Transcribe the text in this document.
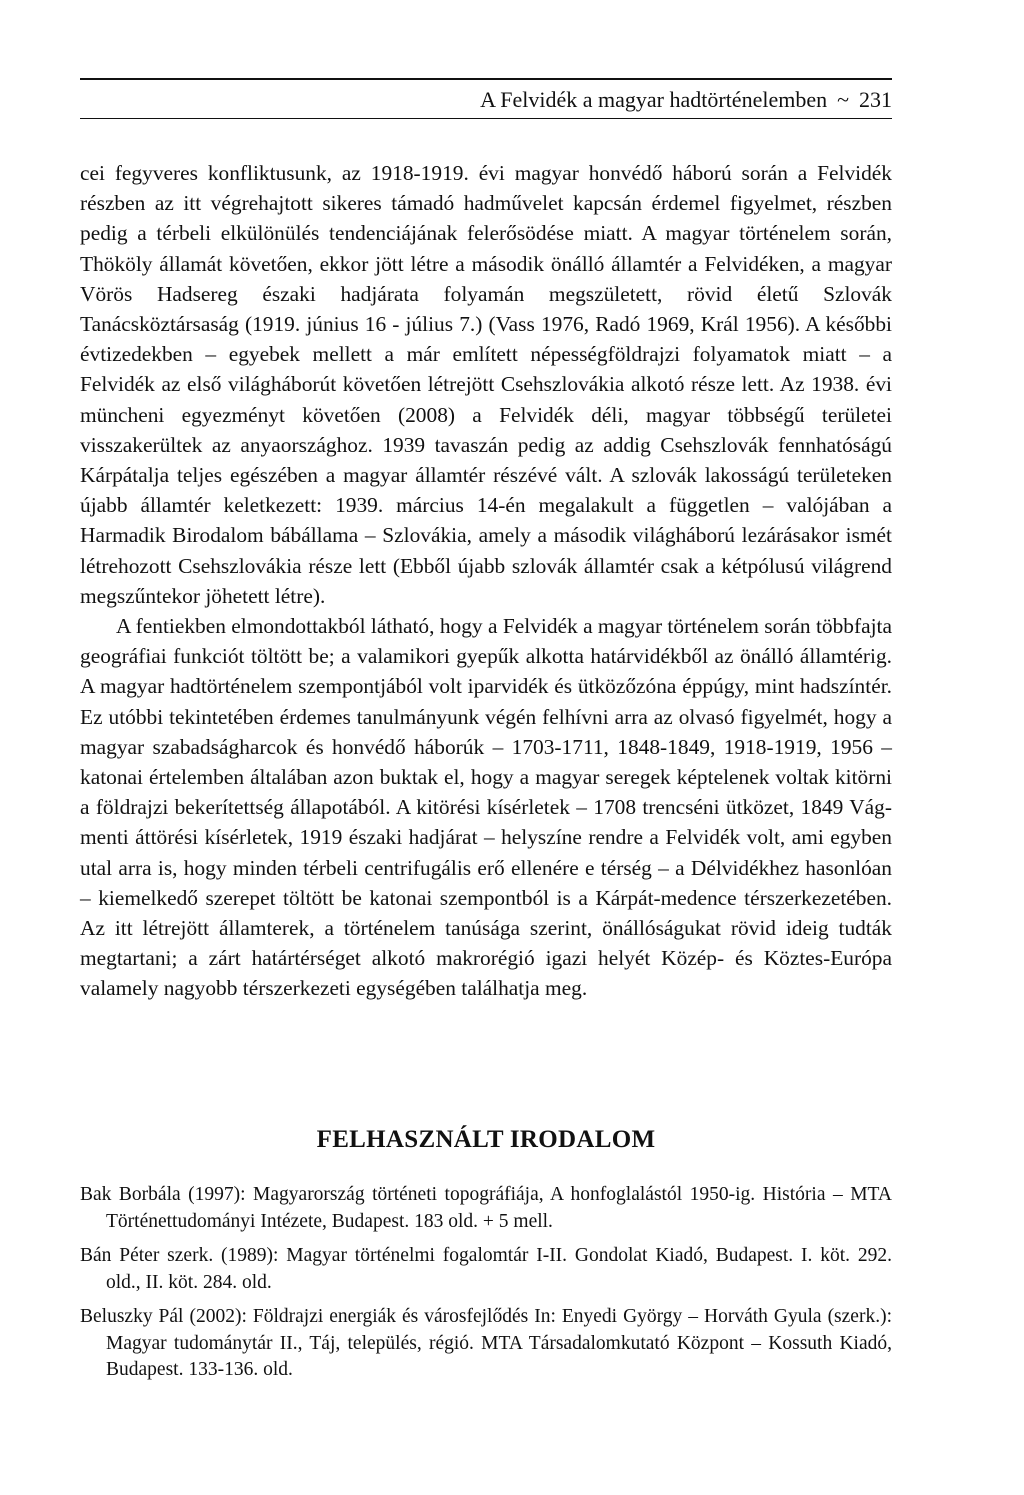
A Felvidék a magyar hadtörténelemben ~ 231

cei fegyveres konfliktusunk, az 1918-1919. évi magyar honvédő háború során a Felvidék részben az itt végrehajtott sikeres támadó hadművelet kapcsán érdemel figyelmet, részben pedig a térbeli elkülönülés tendenciájának felerősödése miatt. A magyar történelem során, Thököly államát követően, ekkor jött létre a második önálló államtér a Felvidéken, a magyar Vörös Hadsereg északi hadjárata folyamán megszületett, rövid életű Szlovák Tanácsköztársaság (1919. június 16 - július 7.) (Vass 1976, Radó 1969, Král 1956). A későbbi évtizedekben – egyebek mellett a már említett népességföldrajzi folyamatok miatt – a Felvidék az első világháborút követően létrejött Csehszlovákia alkotó része lett. Az 1938. évi müncheni egyezményt követően (2008) a Felvidék déli, magyar többségű területei visszakerültek az anyaországhoz. 1939 tavaszán pedig az addig Csehszlovák fennhatóságú Kárpátalja teljes egészében a magyar államtér részévé vált. A szlovák lakosságú területeken újabb államtér keletkezett: 1939. március 14-én megalakult a független – valójában a Harmadik Birodalom bábállama – Szlovákia, amely a második világháború lezárásakor ismét létrehozott Csehszlovákia része lett (Ebből újabb szlovák államtér csak a kétpólusú világrend megszűntekor jöhetett létre).

A fentiekben elmondottakból látható, hogy a Felvidék a magyar történelem során többfajta geográfiai funkciót töltött be; a valamikori gyepűk alkotta határvidékből az önálló államtérig. A magyar hadtörténelem szempontjából volt iparvidék és ütközőzóna éppúgy, mint hadszíntér. Ez utóbbi tekintetében érdemes tanulmányunk végén felhívni arra az olvasó figyelmét, hogy a magyar szabadságharcok és honvédő háborúk – 1703-1711, 1848-1849, 1918-1919, 1956 – katonai értelemben általában azon buktak el, hogy a magyar seregek képtelenek voltak kitörni a földrajzi bekerítettség állapotából. A kitörési kísérletek – 1708 trencséni ütközet, 1849 Vág-menti áttörési kísérletek, 1919 északi hadjárat – helyszíne rendre a Felvidék volt, ami egyben utal arra is, hogy minden térbeli centrifugális erő ellenére e térség – a Délvidékhez hasonlóan – kiemelkedő szerepet töltött be katonai szempontból is a Kárpát-medence térszerkezetében. Az itt létrejött államterek, a történelem tanúsága szerint, önállóságukat rövid ideig tudták megtartani; a zárt határtérséget alkotó makrorégió igazi helyét Közép- és Köztes-Európa valamely nagyobb térszerkezeti egységében találhatja meg.

FELHASZNÁLT IRODALOM

Bak Borbála (1997): Magyarország történeti topográfiája, A honfoglalástól 1950-ig. História – MTA Történettudományi Intézete, Budapest. 183 old. + 5 mell.

Bán Péter szerk. (1989): Magyar történelmi fogalomtár I-II. Gondolat Kiadó, Budapest. I. köt. 292. old., II. köt. 284. old.

Beluszky Pál (2002): Földrajzi energiák és városfejlődés In: Enyedi György – Horváth Gyula (szerk.): Magyar tudománytár II., Táj, település, régió. MTA Társadalomkutató Központ – Kossuth Kiadó, Budapest. 133-136. old.
